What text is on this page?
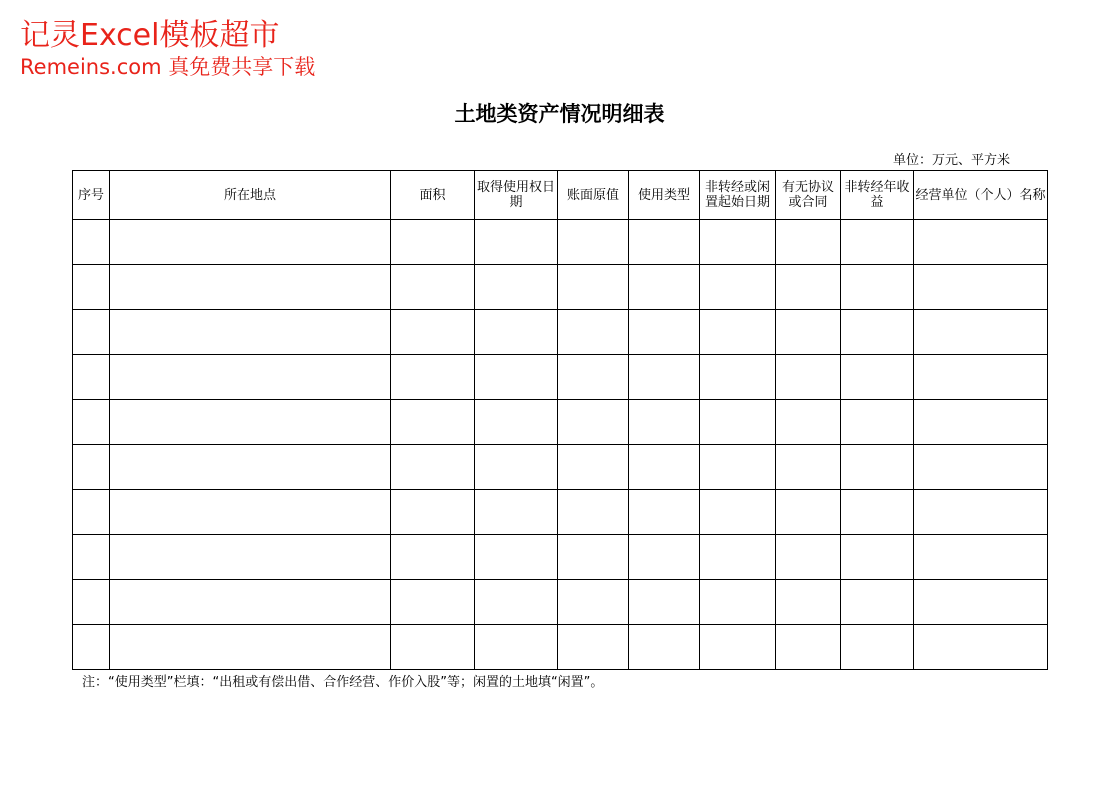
记灵Excel模板超市
Remeins.com 真免费共享下载
土地类资产情况明细表
单位：万元、平方米
序号	所在地点	面积	取得使用权日期	账面原值	使用类型	非转经或闲置起始日期	有无协议或合同	非转经年收益	经营单位（个人）名称

注：“使用类型”栏填：“出租或有偿出借、合作经营、作价入股”等；闲置的土地填“闲置”。
